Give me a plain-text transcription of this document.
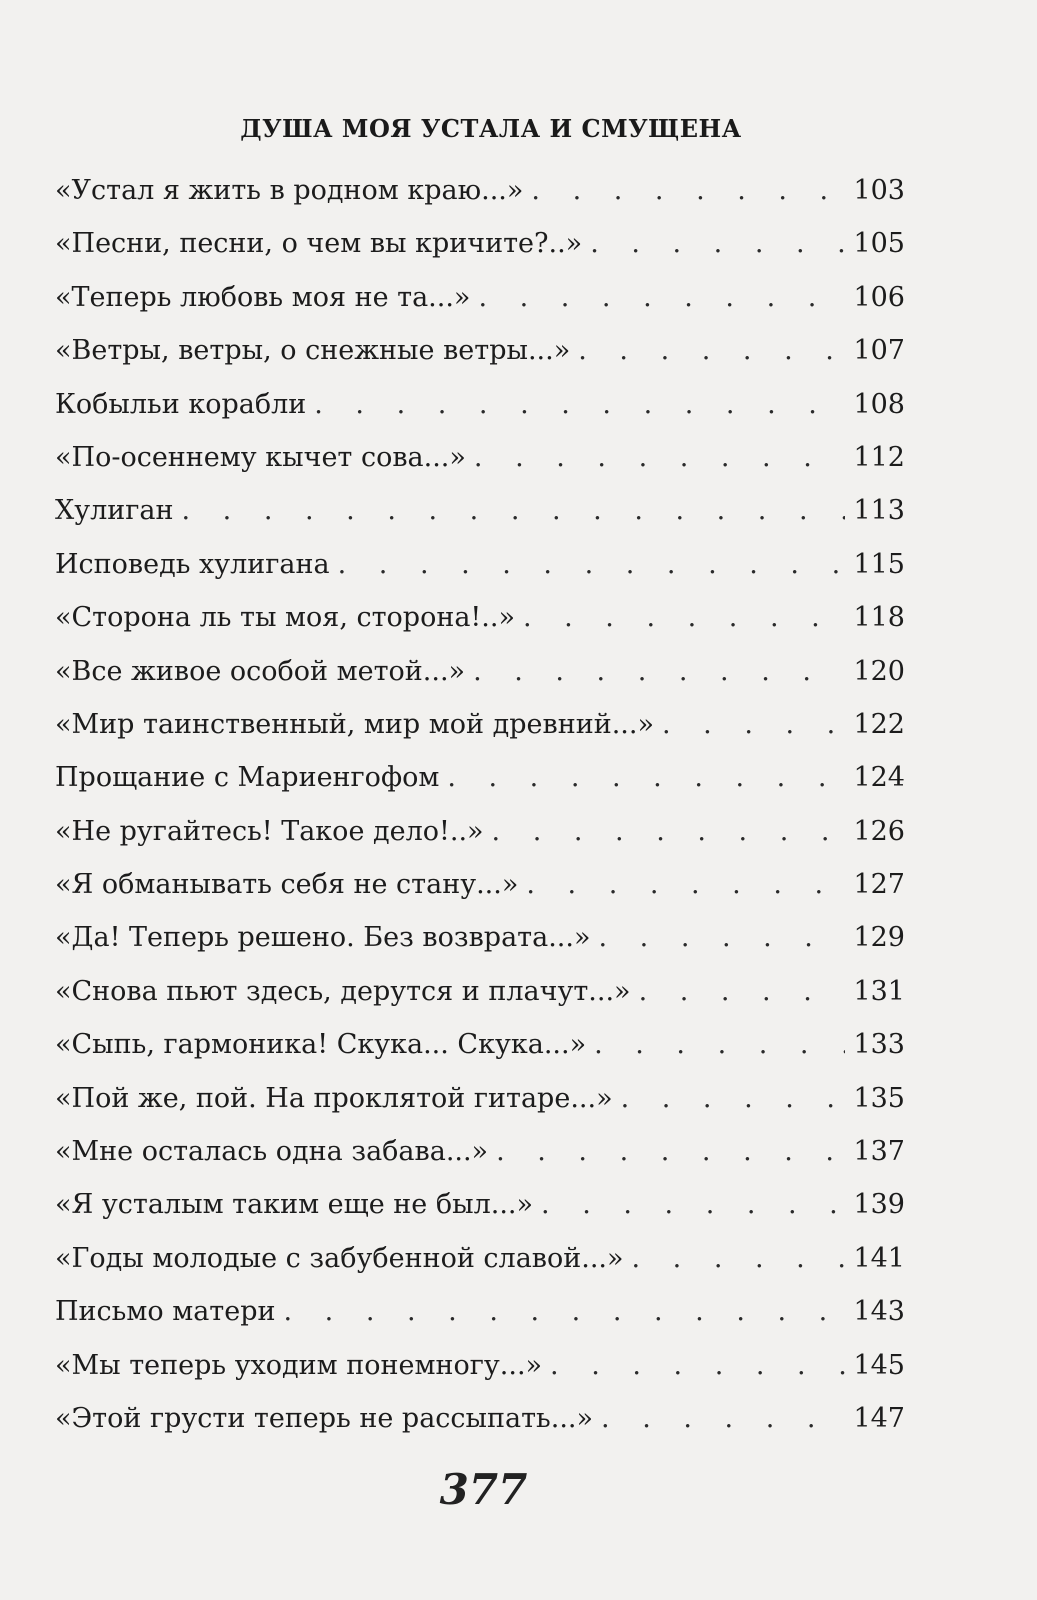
ДУША МОЯ УСТАЛА И СМУЩЕНА
«Устал я жить в родном краю...» . . .	103
«Песни, песни, о чем вы кричите?..» . . .	105
«Теперь любовь моя не та...» . . .	106
«Ветры, ветры, о снежные ветры...» . . .	107
Кобыльи корабли . . .	108
«По-осеннему кычет сова...» . . .	112
Хулиган . . .	113
Исповедь хулигана . . .	115
«Сторона ль ты моя, сторона!..» . . .	118
«Все живое особой метой...» . . .	120
«Мир таинственный, мир мой древний...» . . .	122
Прощание с Мариенгофом . . .	124
«Не ругайтесь! Такое дело!..» . . .	126
«Я обманывать себя не стану...» . . .	127
«Да! Теперь решено. Без возврата...» . . .	129
«Снова пьют здесь, дерутся и плачут...» . . .	131
«Сыпь, гармоника! Скука... Скука...» . . .	133
«Пой же, пой. На проклятой гитаре...» . . .	135
«Мне осталась одна забава...» . . .	137
«Я усталым таким еще не был...» . . .	139
«Годы молодые с забубенной славой...» . . .	141
Письмо матери . . .	143
«Мы теперь уходим понемногу...» . . .	145
«Этой грусти теперь не рассыпать...» . . .	147
377
